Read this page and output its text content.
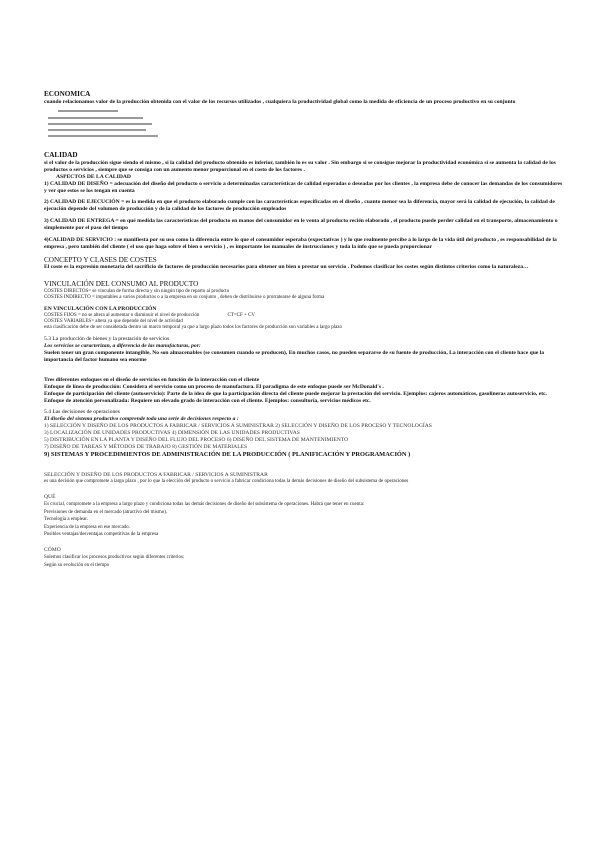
ECONOMICA

cuando relacionamos valor de la producción obtenida con el valor de los recursos utilizados , cualquiera la productividad global como la medida de eficiencia de un proceso productivo en su conjunto

CALIDAD

si el valor de la producción sigue siendo el mismo , si la calidad del producto obtenido es inferior, también lo es su valor . Sin embargo si se consigue mejorar la productividad económica si se aumenta la calidad de los productos o servicios , siempre que se consiga con un aumento menor proporcional en el costo de los factores .

ASPECTOS DE LA CALIDAD

1) CALIDAD DE DISEÑO = adecuación del diseño del producto o servicio a determinadas características de calidad esperadas o deseadas por los clientes , la empresa debe de conocer las demandas de los consumidores y ver que estos se los tengan en cuenta

2) CALIDAD DE EJECUCIÓN = es la medida en que el producto elaborado cumple con las características especificadas en el diseño , cuanto menor sea la diferencia, mayor será la calidad de ejecución, la calidad de ejecución depende del volumen de producción y de la calidad de los factores de producción empleados

3) CALIDAD DE ENTREGA = en qué medida las características del producto en manos del consumidor en le venta al producto recién elaborado , el producto puede perder calidad en el transporte, almacenamiento o simplemente por el paso del tiempo

4)CALIDAD DE SERVICIO : se manifiesta por su uso como la diferencia entre lo que el consumidor esperaba (expectativas ) y lo que realmente percibe a lo largo de la vida útil del producto , es responsabilidad de la empresa , pero también del cliente ( el uso que haga sobre el bien o servicio ) , es importante los manuales de instrucciones y toda la info que se pueda proporcionar

CONCEPTO Y CLASES DE COSTES

El coste es la expresión monetaria del sacrificio de factores de producción necesarios para obtener un bien o prestar un servicio . Podemos clasificar los costes según distintos criterios como la naturaleza…

VINCULACIÓN DEL CONSUMO AL PRODUCTO

COSTES DIRECTOS= se vinculan de forma directa y sin ningún tipo de reparto al producto

COSTES INDIRECTO = imputables a varios productos o a la empresa en su conjunto , deben de distribuirse o prorratearse de alguna forma

EN VINCULACIÓN CON LA PRODUCCIÓN

COSTES FIJOS = no se altera al aumentar o disminuir el nivel de producción	CT=CF + CV

COSTES VARIABLES= altera ya que depende del nivel de actividad

esta clasificación debe de ser considerada dentro un marco temporal ya que a largo plazo todos los factores de producción son variables a largo plazo

5.3 La producción de bienes y la prestación de servicios

Los servicios se caracterizan, a diferencia de las manufacturas, por:

Suelen tener un gran componente intangible, No son almacenables (se consumen cuando se producen), En muchos casos, no pueden separarse de su fuente de producción, La interacción con el cliente hace que la importancia del factor humano sea enorme

Tres diferentes enfoques en el diseño de servicios en función de la interacción con el cliente

Enfoque de línea de producción: Considera el servicio como un proceso de manufactura. El paradigma de este enfoque puede ser McDonald's .

Enfoque de participación del cliente (autoservicio): Parte de la idea de que la participación directa del cliente puede mejorar la prestación del servicio. Ejemplos: cajeros automáticos, gasolineras autoservicio, etc.

Enfoque de atención personalizada: Requiere un elevado grado de interacción con el cliente. Ejemplos: consultoría, servicios médicos etc.

5.4 Las decisiones de operaciones

El diseño del sistema productivo comprende toda una serie de decisiones respecto a :

1) SELECCIÓN Y DISEÑO DE LOS PRODUCTOS A FABRICAR / SERVICIOS A SUMINISTRAR 2) SELECCIÓN Y DISEÑO DE LOS PROCESO Y TECNOLOGÍAS

3) LOCALIZACIÓN DE UNIDADES PRODUCTIVAS 4) DIMENSIÓN DE LAS UNIDADES PRODUCTIVAS

5) DISTRIBUCIÓN EN LA PLANTA Y DISEÑO DEL FLUJO DEL PROCESO 6) DISEÑO DEL SISTEMA DE MANTENIMIENTO

7) DISEÑO DE TAREAS Y MÉTODOS DE TRABAJO 8) GESTIÓN DE MATERIALES

9) SISTEMAS Y PROCEDIMIENTOS DE ADMINISTRACIÓN DE LA PRODUCCIÓN ( PLANIFICACIÓN Y PROGRAMACIÓN )

SELECCIÓN Y DISEÑO DE LOS PRODUCTOS A FABRICAR / SERVICIOS A SUMINISTRAR

es una decisión que compromete a largo plazo , por lo que la elección del producto o servicio a fabricar condiciona todas la demás decisiones de diseño del subsistema de operaciones

QUÉ

Es crucial, compromete a la empresa a largo plazo y condiciona todas las demás decisiones de diseño del subsistema de operaciones. Habrá que tener en cuenta:

Previsiones de demanda en el mercado (atractivo del mismo).

Tecnología a emplear.

Experiencia de la empresa en ese mercado.

Posibles ventajas/desventajas competitivas de la empresa

CÓMO

Solemos clasificar los procesos productivos según diferentes criterios:

Según su evolución en el tiempo
